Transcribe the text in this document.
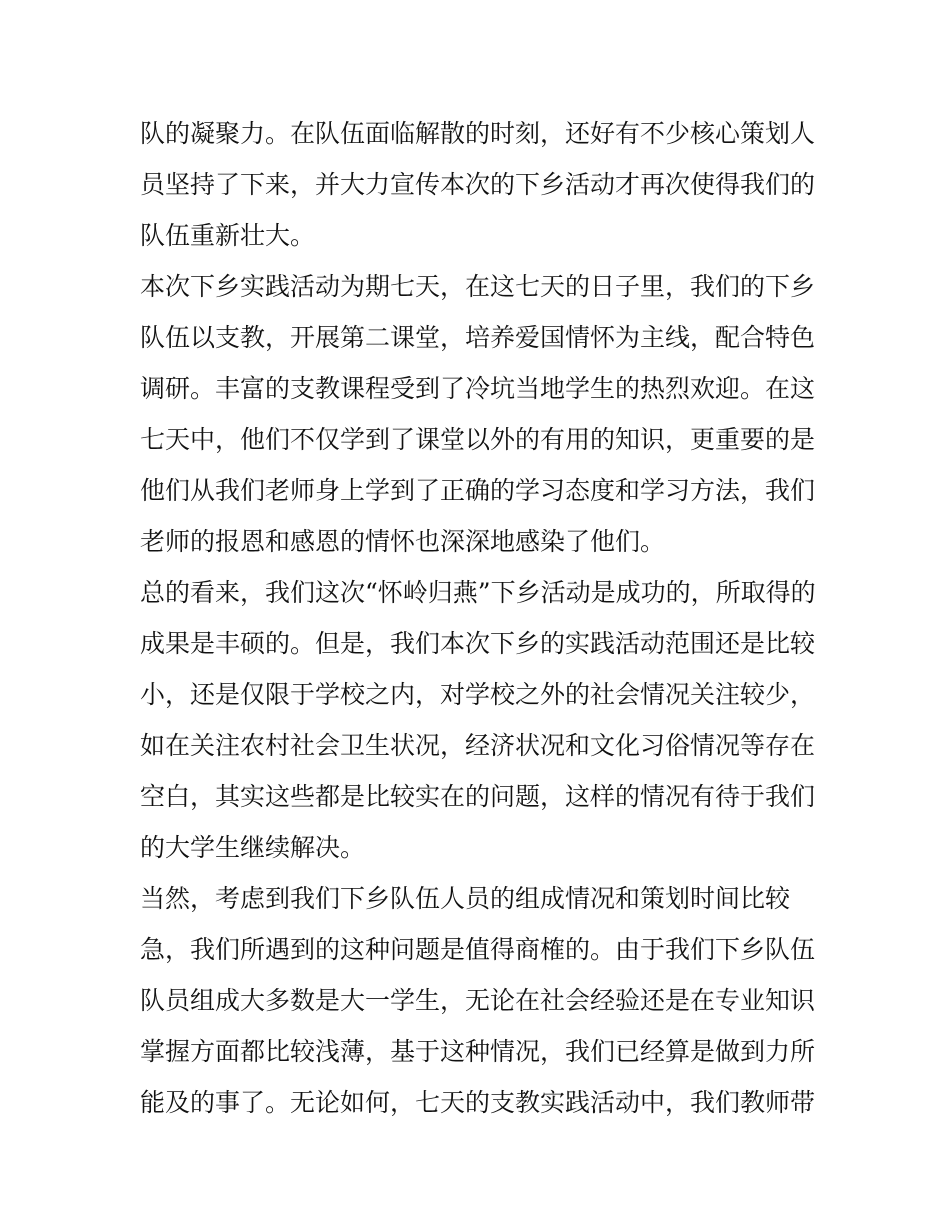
队的凝聚力。在队伍面临解散的时刻，还好有不少核心策划人
员坚持了下来，并大力宣传本次的下乡活动才再次使得我们的
队伍重新壮大。
本次下乡实践活动为期七天，在这七天的日子里，我们的下乡
队伍以支教，开展第二课堂，培养爱国情怀为主线，配合特色
调研。丰富的支教课程受到了冷坑当地学生的热烈欢迎。在这
七天中，他们不仅学到了课堂以外的有用的知识，更重要的是
他们从我们老师身上学到了正确的学习态度和学习方法，我们
老师的报恩和感恩的情怀也深深地感染了他们。
总的看来，我们这次“怀岭归燕”下乡活动是成功的，所取得的
成果是丰硕的。但是，我们本次下乡的实践活动范围还是比较
小，还是仅限于学校之内，对学校之外的社会情况关注较少，
如在关注农村社会卫生状况，经济状况和文化习俗情况等存在
空白，其实这些都是比较实在的问题，这样的情况有待于我们
的大学生继续解决。
当然，考虑到我们下乡队伍人员的组成情况和策划时间比较
急，我们所遇到的这种问题是值得商榷的。由于我们下乡队伍
队员组成大多数是大一学生，无论在社会经验还是在专业知识
掌握方面都比较浅薄，基于这种情况，我们已经算是做到力所
能及的事了。无论如何，七天的支教实践活动中，我们教师带
